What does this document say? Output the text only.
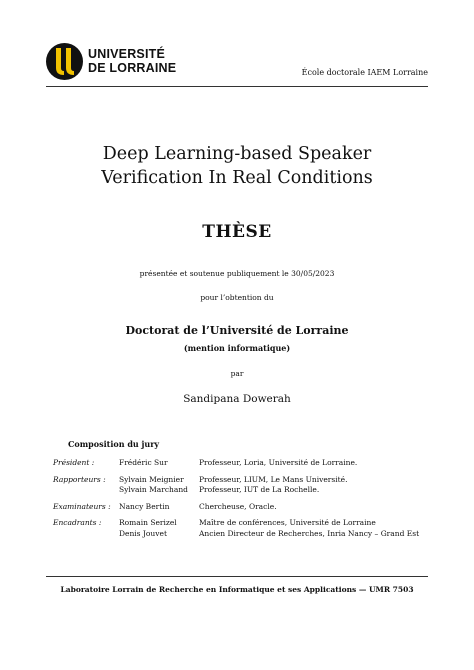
UNIVERSITÉ
DE LORRAINE	École doctorale IAEM Lorraine
Deep Learning-based Speaker
Verification In Real Conditions
THÈSE
présentée et soutenue publiquement le 30/05/2023
pour l’obtention du
Doctorat de l’Université de Lorraine
(mention informatique)
par
Sandipana Dowerah
Composition du jury
Président :	Frédéric Sur	Professeur, Loria, Université de Lorraine.

Rapporteurs :	Sylvain Meignier	Professeur, LIUM, Le Mans Université.
	Sylvain Marchand	Professeur, IUT de La Rochelle.

Examinateurs :	Nancy Bertin	Chercheuse, Oracle.

Encadrants :	Romain Serizel	Maître de conférences, Université de Lorraine
	Denis Jouvet	Ancien Directeur de Recherches, Inria Nancy – Grand Est
Laboratoire Lorrain de Recherche en Informatique et ses Applications — UMR 7503
